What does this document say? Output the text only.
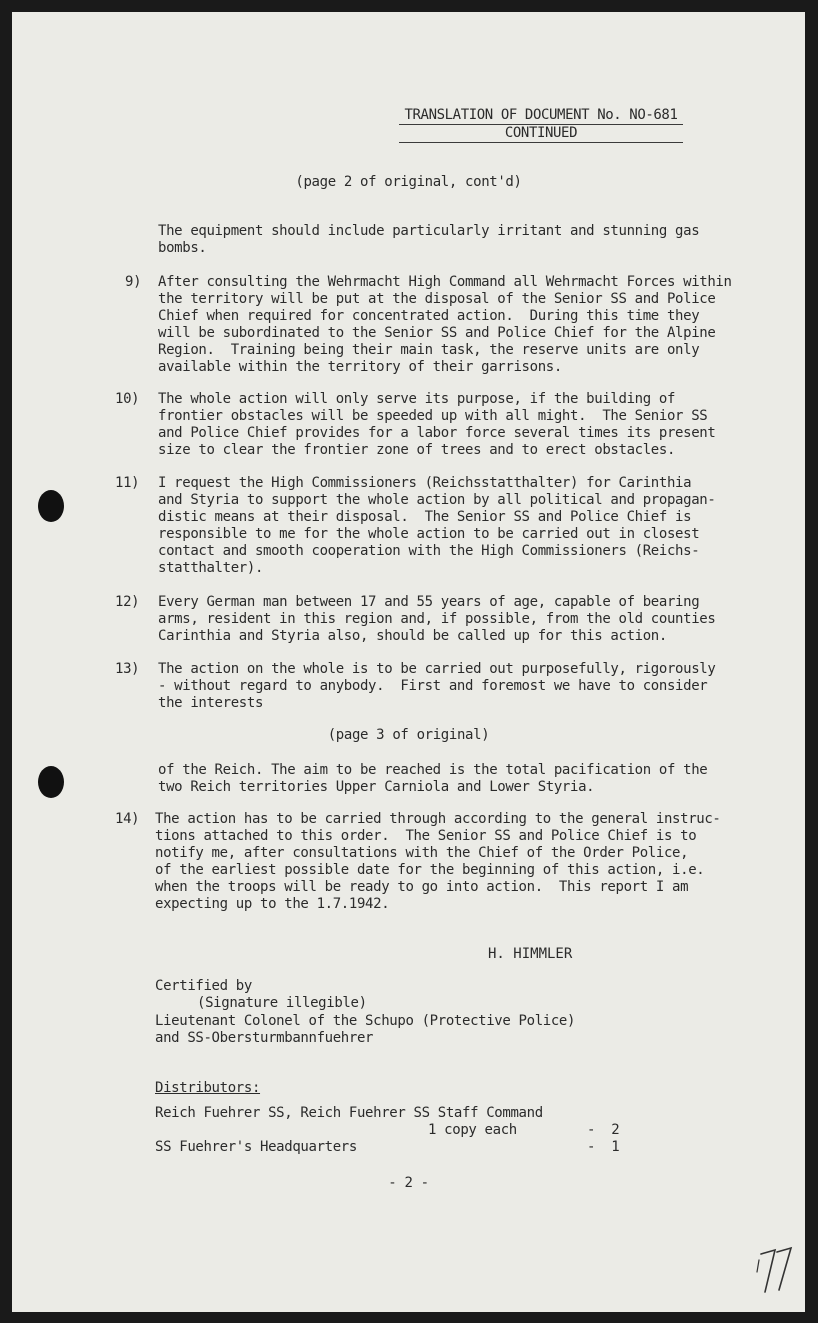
TRANSLATION OF DOCUMENT No. NO-681
CONTINUED
(page 2 of original, cont'd)
The equipment should include particularly irritant and stunning gas
bombs.
9) After consulting the Wehrmacht High Command all Wehrmacht Forces within
the territory will be put at the disposal of the Senior SS and Police
Chief when required for concentrated action.  During this time they
will be subordinated to the Senior SS and Police Chief for the Alpine
Region.  Training being their main task, the reserve units are only
available within the territory of their garrisons.
10) The whole action will only serve its purpose, if the building of
frontier obstacles will be speeded up with all might.  The Senior SS
and Police Chief provides for a labor force several times its present
size to clear the frontier zone of trees and to erect obstacles.
11) I request the High Commissioners (Reichsstatthalter) for Carinthia
and Styria to support the whole action by all political and propagan-
distic means at their disposal.  The Senior SS and Police Chief is
responsible to me for the whole action to be carried out in closest
contact and smooth cooperation with the High Commissioners (Reichs-
statthalter).
12) Every German man between 17 and 55 years of age, capable of bearing
arms, resident in this region and, if possible, from the old counties
Carinthia and Styria also, should be called up for this action.
13) The action on the whole is to be carried out purposefully, rigorously
- without regard to anybody.  First and foremost we have to consider
the interests
(page 3 of original)
of the Reich. The aim to be reached is the total pacification of the
two Reich territories Upper Carniola and Lower Styria.
14) The action has to be carried through according to the general instruc-
tions attached to this order.  The Senior SS and Police Chief is to
notify me, after consultations with the Chief of the Order Police,
of the earliest possible date for the beginning of this action, i.e.
when the troops will be ready to go into action.  This report I am
expecting up to the 1.7.1942.
H. HIMMLER
Certified by
(Signature illegible)
Lieutenant Colonel of the Schupo (Protective Police)
and SS-Obersturmbannfuehrer
Distributors:
Reich Fuehrer SS, Reich Fuehrer SS Staff Command
1 copy each	-  2
SS Fuehrer's Headquarters	-  1
- 2 -
